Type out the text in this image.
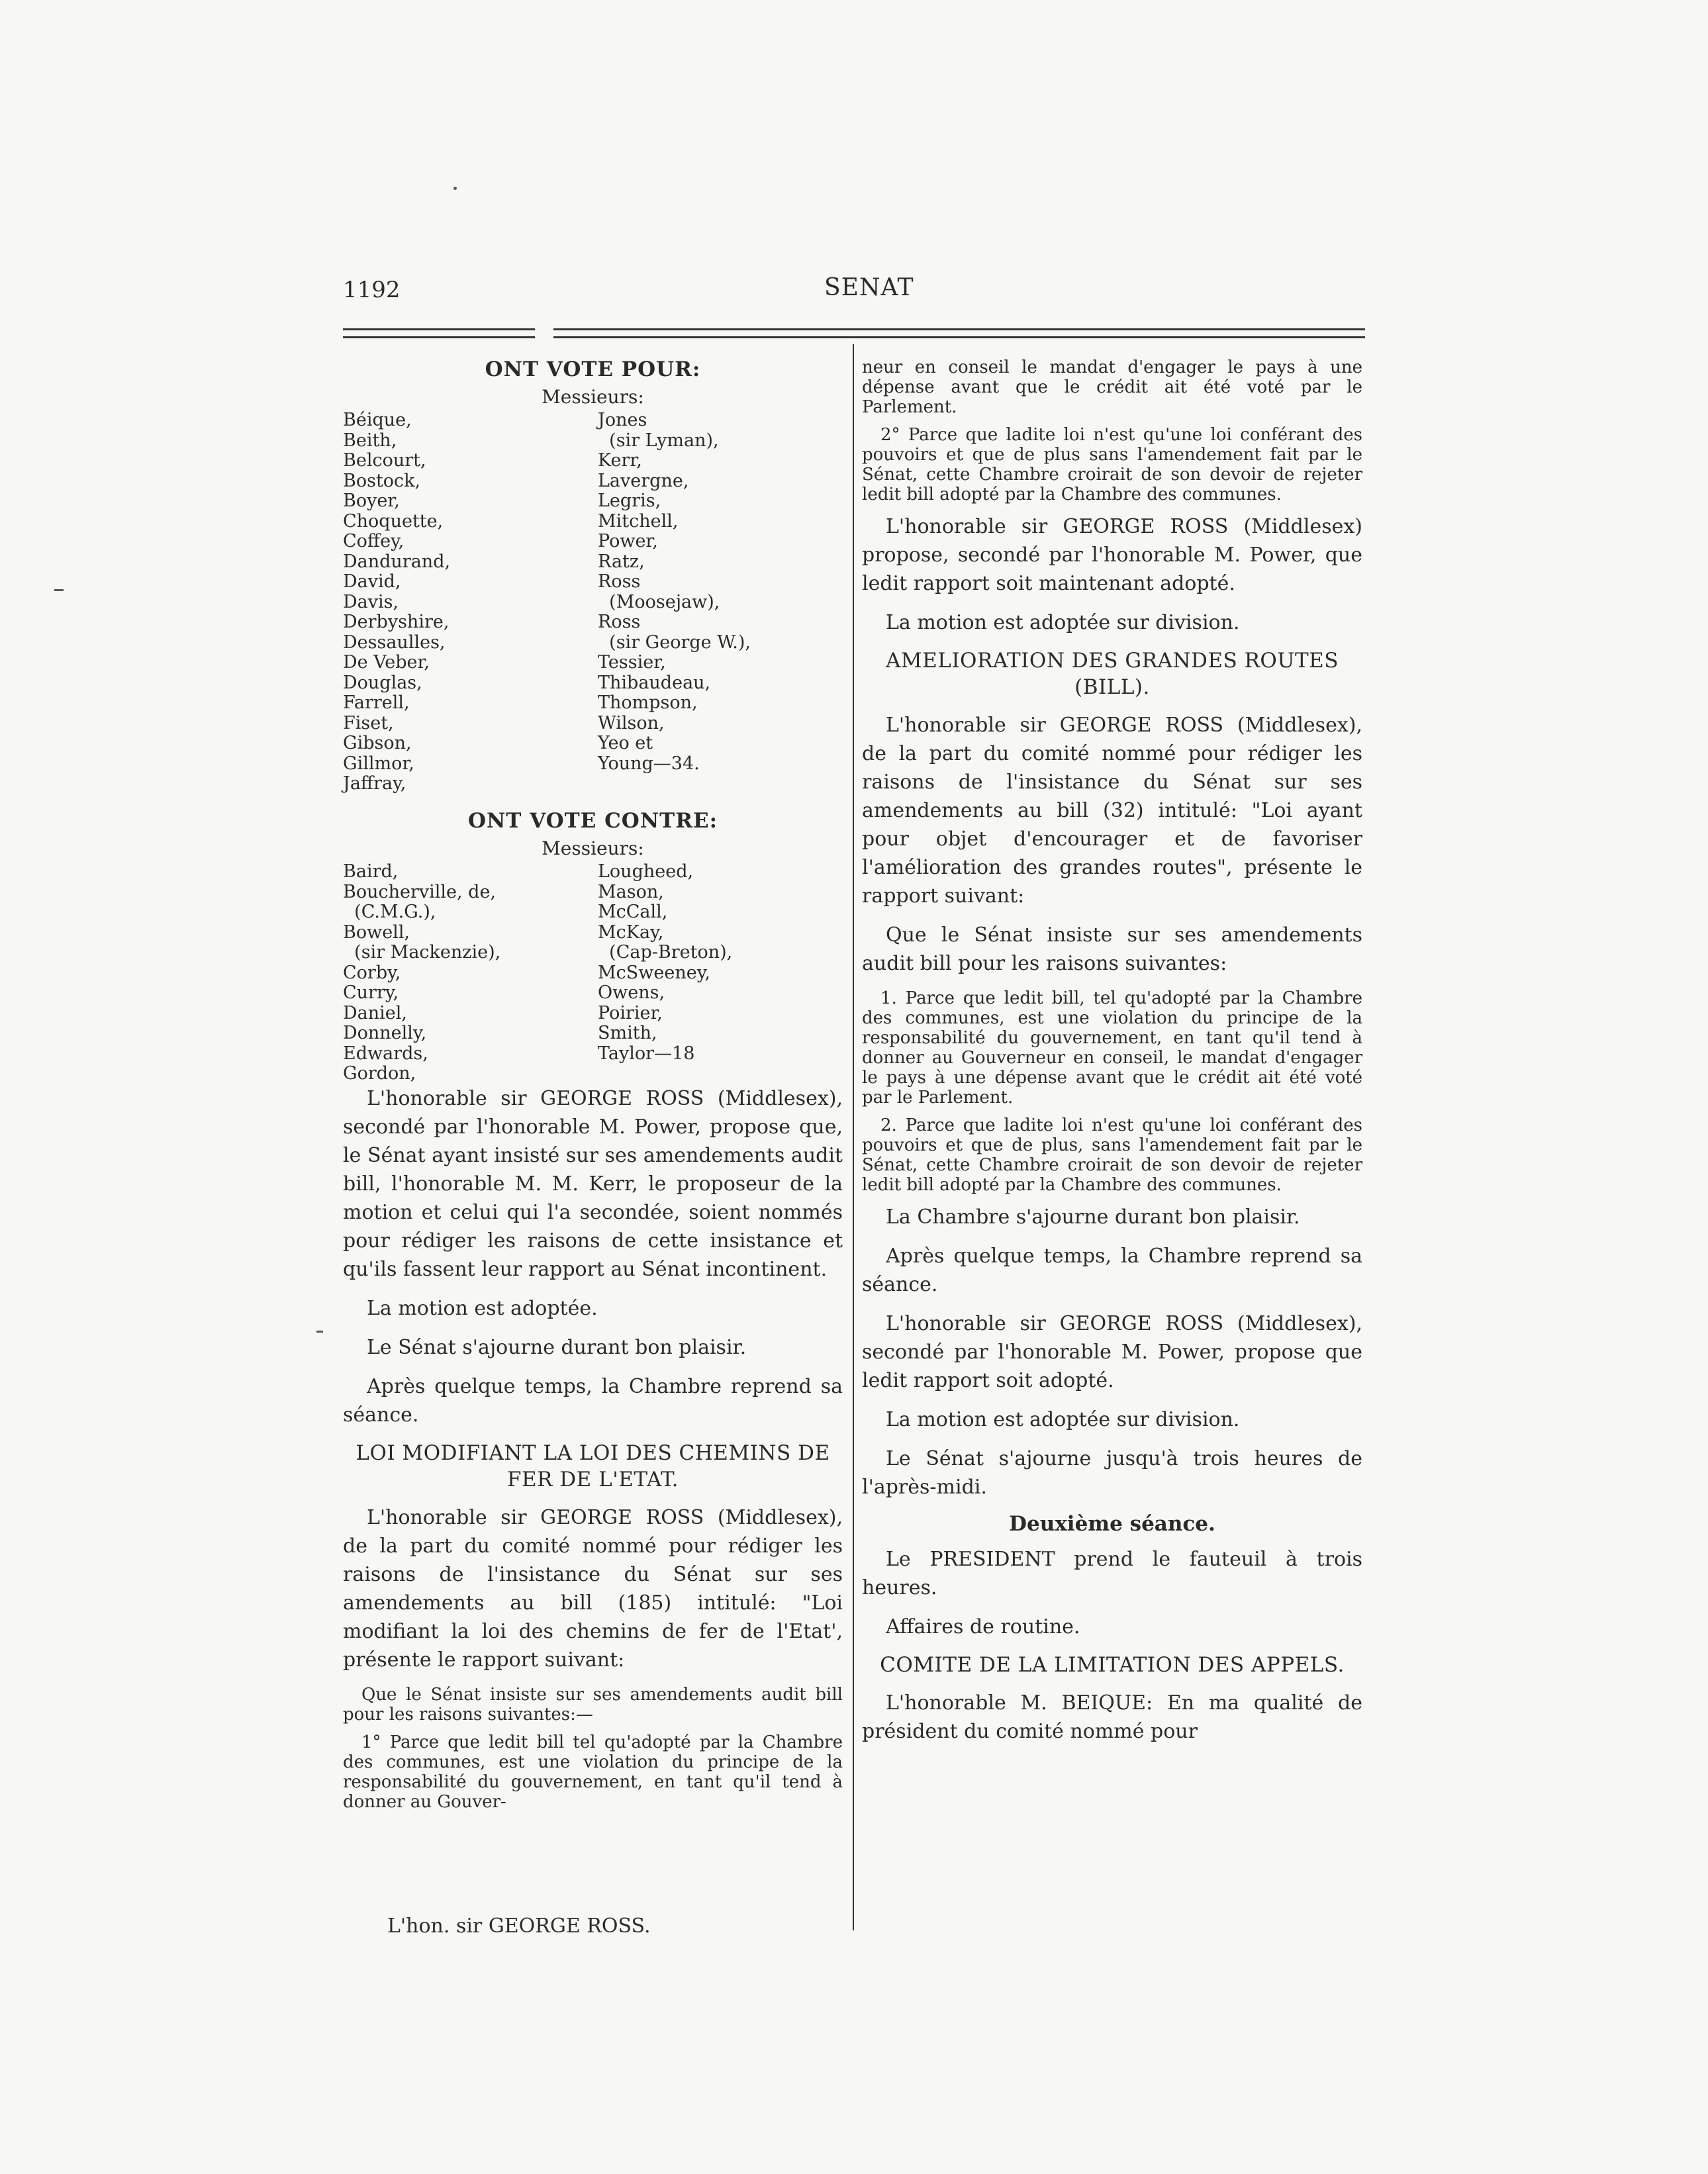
1192	SENAT
ONT VOTE POUR:
Messieurs:
Béique,
Beith,
Belcourt,
Bostock,
Boyer,
Choquette,
Coffey,
Dandurand,
David,
Davis,
Derbyshire,
Dessaulles,
De Veber,
Douglas,
Farrell,
Fiset,
Gibson,
Gillmor,
Jaffray,
Jones
(sir Lyman),
Kerr,
Lavergne,
Legris,
Mitchell,
Power,
Ratz,
Ross
(Moosejaw),
Ross
(sir George W.),
Tessier,
Thibaudeau,
Thompson,
Wilson,
Yeo et
Young—34.
ONT VOTE CONTRE:
Messieurs:
Baird,
Boucherville, de,
(C.M.G.),
Bowell,
(sir Mackenzie),
Corby,
Curry,
Daniel,
Donnelly,
Edwards,
Gordon,
Lougheed,
Mason,
McCall,
McKay,
(Cap-Breton),
McSweeney,
Owens,
Poirier,
Smith,
Taylor—18

L'honorable sir GEORGE ROSS (Middlesex), secondé par l'honorable M. Power, propose que, le Sénat ayant insisté sur ses amendements audit bill, l'honorable M. M. Kerr, le proposeur de la motion et celui qui l'a secondée, soient nommés pour rédiger les raisons de cette insistance et qu'ils fassent leur rapport au Sénat incontinent.

La motion est adoptée.

Le Sénat s'ajourne durant bon plaisir.

Après quelque temps, la Chambre reprend sa séance.

LOI MODIFIANT LA LOI DES CHEMINS DE FER DE L'ETAT.

L'honorable sir GEORGE ROSS (Middlesex), de la part du comité nommé pour rédiger les raisons de l'insistance du Sénat sur ses amendements au bill (185) intitulé: "Loi modifiant la loi des chemins de fer de l'Etat', présente le rapport suivant:

Que le Sénat insiste sur ses amendements audit bill pour les raisons suivantes:—

1° Parce que ledit bill tel qu'adopté par la Chambre des communes, est une violation du principe de la responsabilité du gouvernement, en tant qu'il tend à donner au Gouver-

L'hon. sir GEORGE ROSS.

neur en conseil le mandat d'engager le pays à une dépense avant que le crédit ait été voté par le Parlement.

2° Parce que ladite loi n'est qu'une loi conférant des pouvoirs et que de plus sans l'amendement fait par le Sénat, cette Chambre croirait de son devoir de rejeter ledit bill adopté par la Chambre des communes.

L'honorable sir GEORGE ROSS (Middlesex) propose, secondé par l'honorable M. Power, que ledit rapport soit maintenant adopté.

La motion est adoptée sur division.

AMELIORATION DES GRANDES ROUTES (BILL).

L'honorable sir GEORGE ROSS (Middlesex), de la part du comité nommé pour rédiger les raisons de l'insistance du Sénat sur ses amendements au bill (32) intitulé: "Loi ayant pour objet d'encourager et de favoriser l'amélioration des grandes routes", présente le rapport suivant:

Que le Sénat insiste sur ses amendements audit bill pour les raisons suivantes:

1. Parce que ledit bill, tel qu'adopté par la Chambre des communes, est une violation du principe de la responsabilité du gouvernement, en tant qu'il tend à donner au Gouverneur en conseil, le mandat d'engager le pays à une dépense avant que le crédit ait été voté par le Parlement.

2. Parce que ladite loi n'est qu'une loi conférant des pouvoirs et que de plus, sans l'amendement fait par le Sénat, cette Chambre croirait de son devoir de rejeter ledit bill adopté par la Chambre des communes.

La Chambre s'ajourne durant bon plaisir.

Après quelque temps, la Chambre reprend sa séance.

L'honorable sir GEORGE ROSS (Middlesex), secondé par l'honorable M. Power, propose que ledit rapport soit adopté.

La motion est adoptée sur division.

Le Sénat s'ajourne jusqu'à trois heures de l'après-midi.

Deuxième séance.

Le PRESIDENT prend le fauteuil à trois heures.

Affaires de routine.

COMITE DE LA LIMITATION DES APPELS.

L'honorable M. BEIQUE: En ma qualité de président du comité nommé pour
